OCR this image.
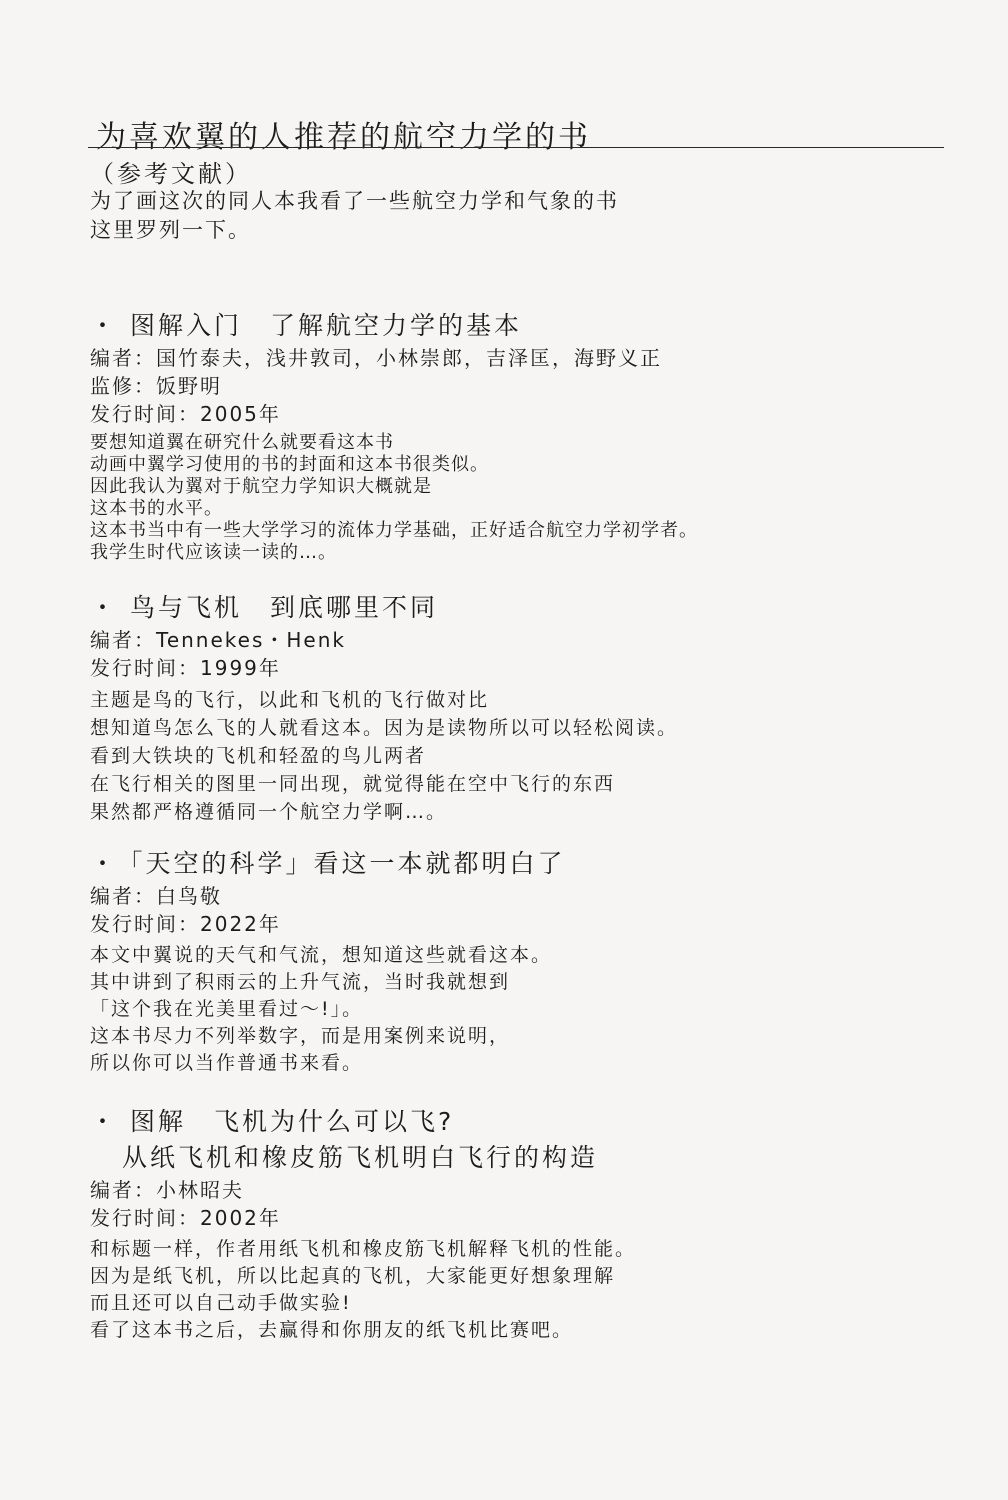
为喜欢翼的人推荐的航空力学的书
（参考文献）
为了画这次的同人本我看了一些航空力学和气象的书
这里罗列一下。
・ 图解入门　了解航空力学的基本
编者：国竹泰夫，浅井敦司，小林崇郎，吉泽匡，海野义正
监修：饭野明
发行时间：2005年
要想知道翼在研究什么就要看这本书
动画中翼学习使用的书的封面和这本书很类似。
因此我认为翼对于航空力学知识大概就是
这本书的水平。
这本书当中有一些大学学习的流体力学基础，正好适合航空力学初学者。
我学生时代应该读一读的…。
・ 鸟与飞机　到底哪里不同
编者：Tennekes・Henk
发行时间：1999年
主题是鸟的飞行，以此和飞机的飞行做对比
想知道鸟怎么飞的人就看这本。因为是读物所以可以轻松阅读。
看到大铁块的飞机和轻盈的鸟儿两者
在飞行相关的图里一同出现，就觉得能在空中飞行的东西
果然都严格遵循同一个航空力学啊…。
・ 「天空的科学」看这一本就都明白了
编者：白鸟敬
发行时间：2022年
本文中翼说的天气和气流，想知道这些就看这本。
其中讲到了积雨云的上升气流，当时我就想到
「这个我在光美里看过～!」。
这本书尽力不列举数字，而是用案例来说明，
所以你可以当作普通书来看。
・ 图解　飞机为什么可以飞?
从纸飞机和橡皮筋飞机明白飞行的构造
编者：小林昭夫
发行时间：2002年
和标题一样，作者用纸飞机和橡皮筋飞机解释飞机的性能。
因为是纸飞机，所以比起真的飞机，大家能更好想象理解
而且还可以自己动手做实验!
看了这本书之后，去赢得和你朋友的纸飞机比赛吧。
